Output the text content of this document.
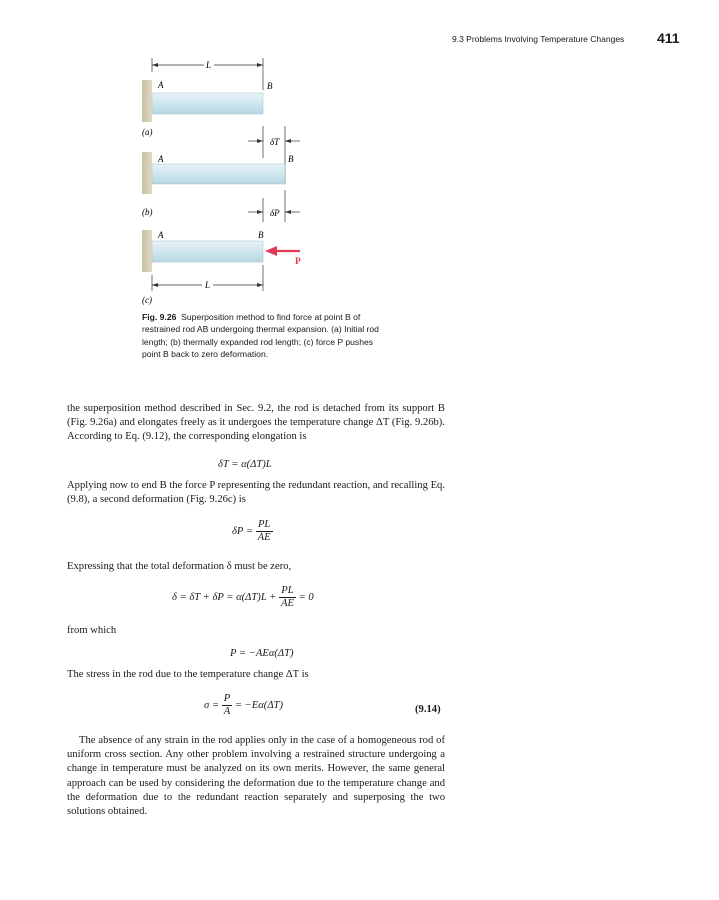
9.3 Problems Involving Temperature Changes 411
L
A	B
(a)
δT
A	B
(b)	δP
A	B
P
L
(c)
Fig. 9.26 Superposition method to find force at point B of restrained rod AB undergoing thermal expansion. (a) Initial rod length; (b) thermally expanded rod length; (c) force P pushes point B back to zero deformation.
the superposition method described in Sec. 9.2, the rod is detached from its support B (Fig. 9.26a) and elongates freely as it undergoes the temperature change ΔT (Fig. 9.26b). According to Eq. (9.12), the corresponding elongation is
δT = α(ΔT)L
Applying now to end B the force P representing the redundant reaction, and recalling Eq. (9.8), a second deformation (Fig. 9.26c) is
$\delta P = \frac{PL}{AE}$
Expressing that the total deformation δ must be zero,
$\delta = \delta T + \delta P = \alpha(\Delta T)L + \frac{PL}{AE} = 0$
from which
P = −AEα(ΔT)
The stress in the rod due to the temperature change ΔT is
$\sigma = \frac{P}{A} = -E\alpha(\Delta T)$	(9.14)
The absence of any strain in the rod applies only in the case of a homogeneous rod of uniform cross section. Any other problem involving a restrained structure undergoing a change in temperature must be analyzed on its own merits. However, the same general approach can be used by considering the deformation due to the temperature change and the deformation due to the redundant reaction separately and superposing the two solutions obtained.
